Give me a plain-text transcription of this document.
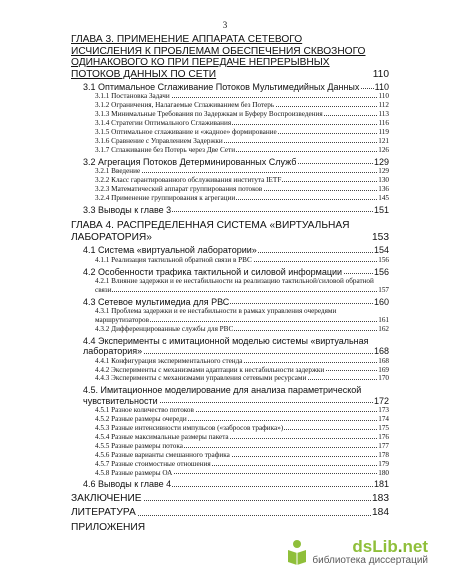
3
ГЛАВА 3. ПРИМЕНЕНИЕ АППАРАТА СЕТЕВОГО ИСЧИСЛЕНИЯ К ПРОБЛЕМАМ ОБЕСПЕЧЕНИЯ СКВОЗНОГО ОДИНАКОВОГО КО ПРИ ПЕРЕДАЧЕ НЕПРЕРЫВНЫХ ПОТОКОВ ДАННЫХ ПО СЕТИ	110
3.1 Оптимальное Сглаживание Потоков Мультимедийных Данных	110
3.1.1 Постановка Задачи	110
3.1.2 Ограничения, Налагаемые Сглаживанием без Потерь	112
3.1.3 Минимальные Требования по Задержкам и Буферу Воспроизведения	113
3.1.4 Стратегии Оптимального Сглаживания	116
3.1.5 Оптимальное сглаживание и «жадное» формирование	119
3.1.6 Сравнение с Управлением Задержки	121
3.1.7 Сглаживание без Потерь через Две Сети	126
3.2 Агрегация Потоков Детерминированных Служб	129
3.2.1 Введение	129
3.2.2 Класс гарантированного обслуживания института IETF	130
3.2.3 Математический аппарат группирования потоков	136
3.2.4 Применение группирования к агрегации	145
3.3 Выводы к главе 3	151
ГЛАВА 4. РАСПРЕДЕЛЕННАЯ СИСТЕМА «ВИРТУАЛЬНАЯ ЛАБОРАТОРИЯ»	153
4.1 Система «виртуальной лаборатории»	154
4.1.1 Реализация тактильной обратной связи в РВС	156
4.2 Особенности трафика тактильной и силовой информации	156
4.2.1 Влияние задержки и ее нестабильности на реализацию тактильной/силовой обратной связи	157
4.3 Сетевое мультимедиа для РВС	160
4.3.1 Проблема задержки и ее нестабильности в рамках управления очередями маршрутизаторов	161
4.3.2 Дифференцированные службы для РВС	162
4.4 Эксперименты с имитационной моделью системы «виртуальная лаборатория»	168
4.4.1 Конфигурация экспериментального стенда	168
4.4.2 Эксперименты с механизмами адаптации к нестабильности задержки	169
4.4.3 Эксперименты с механизмами управления сетевыми ресурсами	170
4.5. Имитационное моделирование для анализа параметрической чувствительности	172
4.5.1 Разное количество потоков	173
4.5.2 Разные размеры очереди	174
4.5.3 Разные интенсивности импульсов («забросов трафика»)	175
4.5.4 Разные максимальные размеры пакета	176
4.5.5 Разные размеры потока	177
4.5.6 Разные варианты смешанного трафика	178
4.5.7 Разные стоимостные отношения	179
4.5.8 Разные размеры ОА	180
4.6 Выводы к главе 4	181
ЗАКЛЮЧЕНИЕ	183
ЛИТЕРАТУРА	184
ПРИЛОЖЕНИЯ
dsLib.net
библиотека диссертаций
